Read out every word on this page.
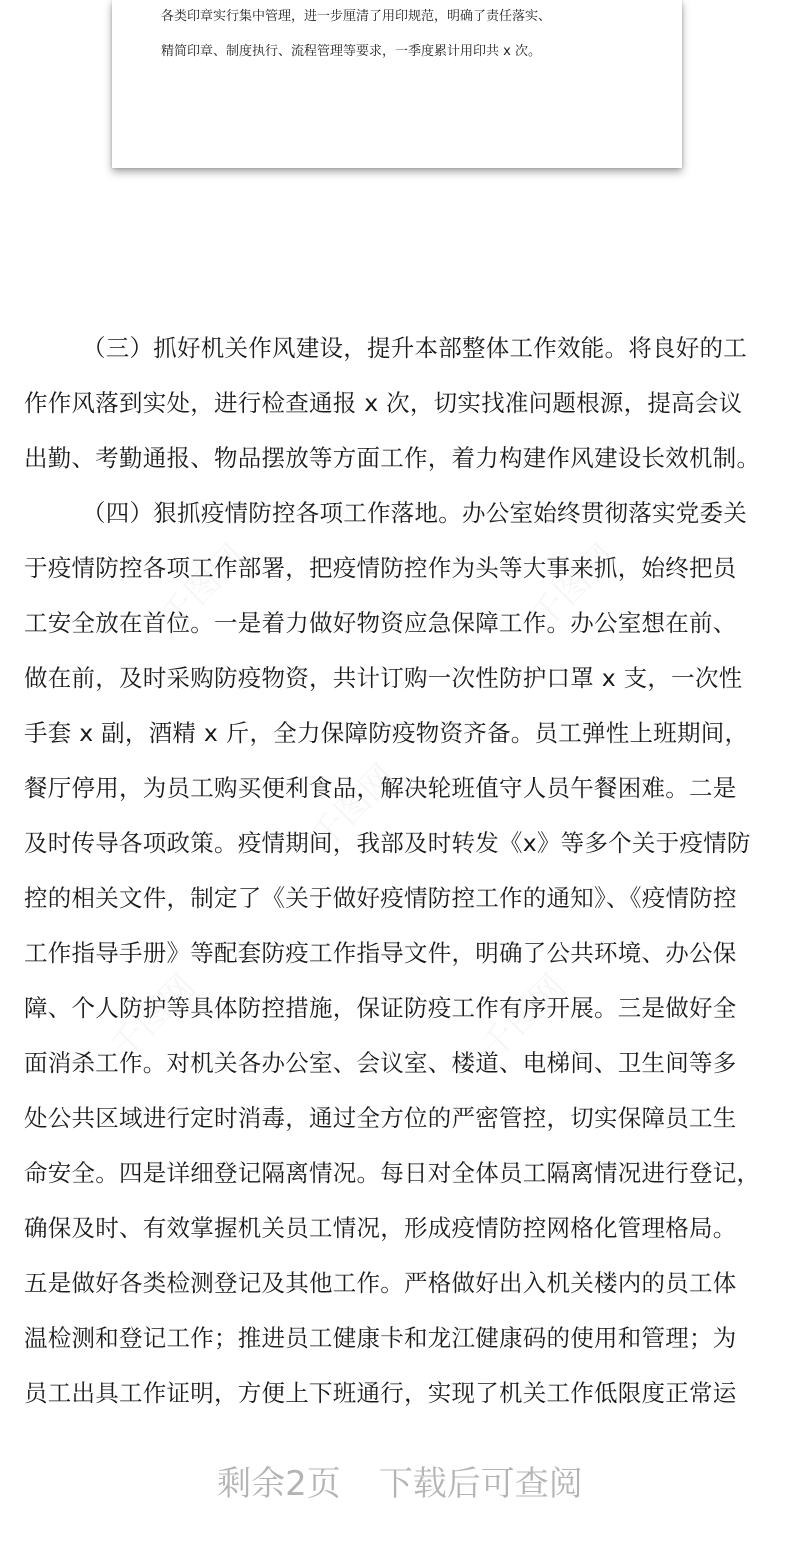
各类印章实行集中管理，进一步厘清了用印规范，明确了责任落实、
精简印章、制度执行、流程管理等要求，一季度累计用印共 x 次。
千图网	千图网
千图网
千图网	千图网
（三）抓好机关作风建设，提升本部整体工作效能。将良好的工
作作风落到实处，进行检查通报 x 次，切实找准问题根源，提高会议
出勤、考勤通报、物品摆放等方面工作，着力构建作风建设长效机制。
（四）狠抓疫情防控各项工作落地。办公室始终贯彻落实党委关
于疫情防控各项工作部署，把疫情防控作为头等大事来抓，始终把员
工安全放在首位。一是着力做好物资应急保障工作。办公室想在前、
做在前，及时采购防疫物资，共计订购一次性防护口罩 x 支，一次性
手套 x 副，酒精 x 斤，全力保障防疫物资齐备。员工弹性上班期间，
餐厅停用，为员工购买便利食品，解决轮班值守人员午餐困难。二是
及时传导各项政策。疫情期间，我部及时转发《x》等多个关于疫情防
控的相关文件，制定了《关于做好疫情防控工作的通知》、《疫情防控
工作指导手册》等配套防疫工作指导文件，明确了公共环境、办公保
障、个人防护等具体防控措施，保证防疫工作有序开展。三是做好全
面消杀工作。对机关各办公室、会议室、楼道、电梯间、卫生间等多
处公共区域进行定时消毒，通过全方位的严密管控，切实保障员工生
命安全。四是详细登记隔离情况。每日对全体员工隔离情况进行登记，
确保及时、有效掌握机关员工情况，形成疫情防控网格化管理格局。
五是做好各类检测登记及其他工作。严格做好出入机关楼内的员工体
温检测和登记工作；推进员工健康卡和龙江健康码的使用和管理；为
员工出具工作证明，方便上下班通行，实现了机关工作低限度正常运
剩余2页 下载后可查阅
